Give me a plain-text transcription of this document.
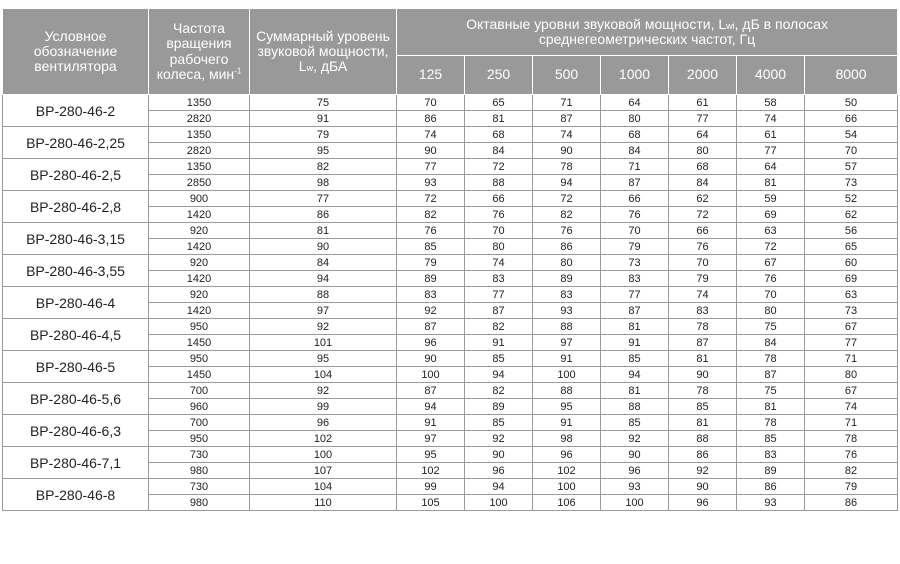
Условное обозначение вентилятора	Частота вращения рабочего колеса, мин$^{-1}$	Суммарный уровень звуковой мощности,
Lw, дБА	Октавные уровни звуковой мощности, Lwi, дБ в полосах
среднегеометрических частот, Гц						
			125	250	500	1000	2000	4000	8000
ВР-280-46-2	1350	75	70	65	71	64	61	58	50
	2820	91	86	81	87	80	77	74	66
ВР-280-46-2,25	1350	79	74	68	74	68	64	61	54
	2820	95	90	84	90	84	80	77	70
ВР-280-46-2,5	1350	82	77	72	78	71	68	64	57
	2850	98	93	88	94	87	84	81	73
ВР-280-46-2,8	900	77	72	66	72	66	62	59	52
	1420	86	82	76	82	76	72	69	62
ВР-280-46-3,15	920	81	76	70	76	70	66	63	56
	1420	90	85	80	86	79	76	72	65
ВР-280-46-3,55	920	84	79	74	80	73	70	67	60
	1420	94	89	83	89	83	79	76	69
ВР-280-46-4	920	88	83	77	83	77	74	70	63
	1420	97	92	87	93	87	83	80	73
ВР-280-46-4,5	950	92	87	82	88	81	78	75	67
	1450	101	96	91	97	91	87	84	77
ВР-280-46-5	950	95	90	85	91	85	81	78	71
	1450	104	100	94	100	94	90	87	80
ВР-280-46-5,6	700	92	87	82	88	81	78	75	67
	960	99	94	89	95	88	85	81	74
ВР-280-46-6,3	700	96	91	85	91	85	81	78	71
	950	102	97	92	98	92	88	85	78
ВР-280-46-7,1	730	100	95	90	96	90	86	83	76
	980	107	102	96	102	96	92	89	82
ВР-280-46-8	730	104	99	94	100	93	90	86	79
	980	110	105	100	106	100	96	93	86
